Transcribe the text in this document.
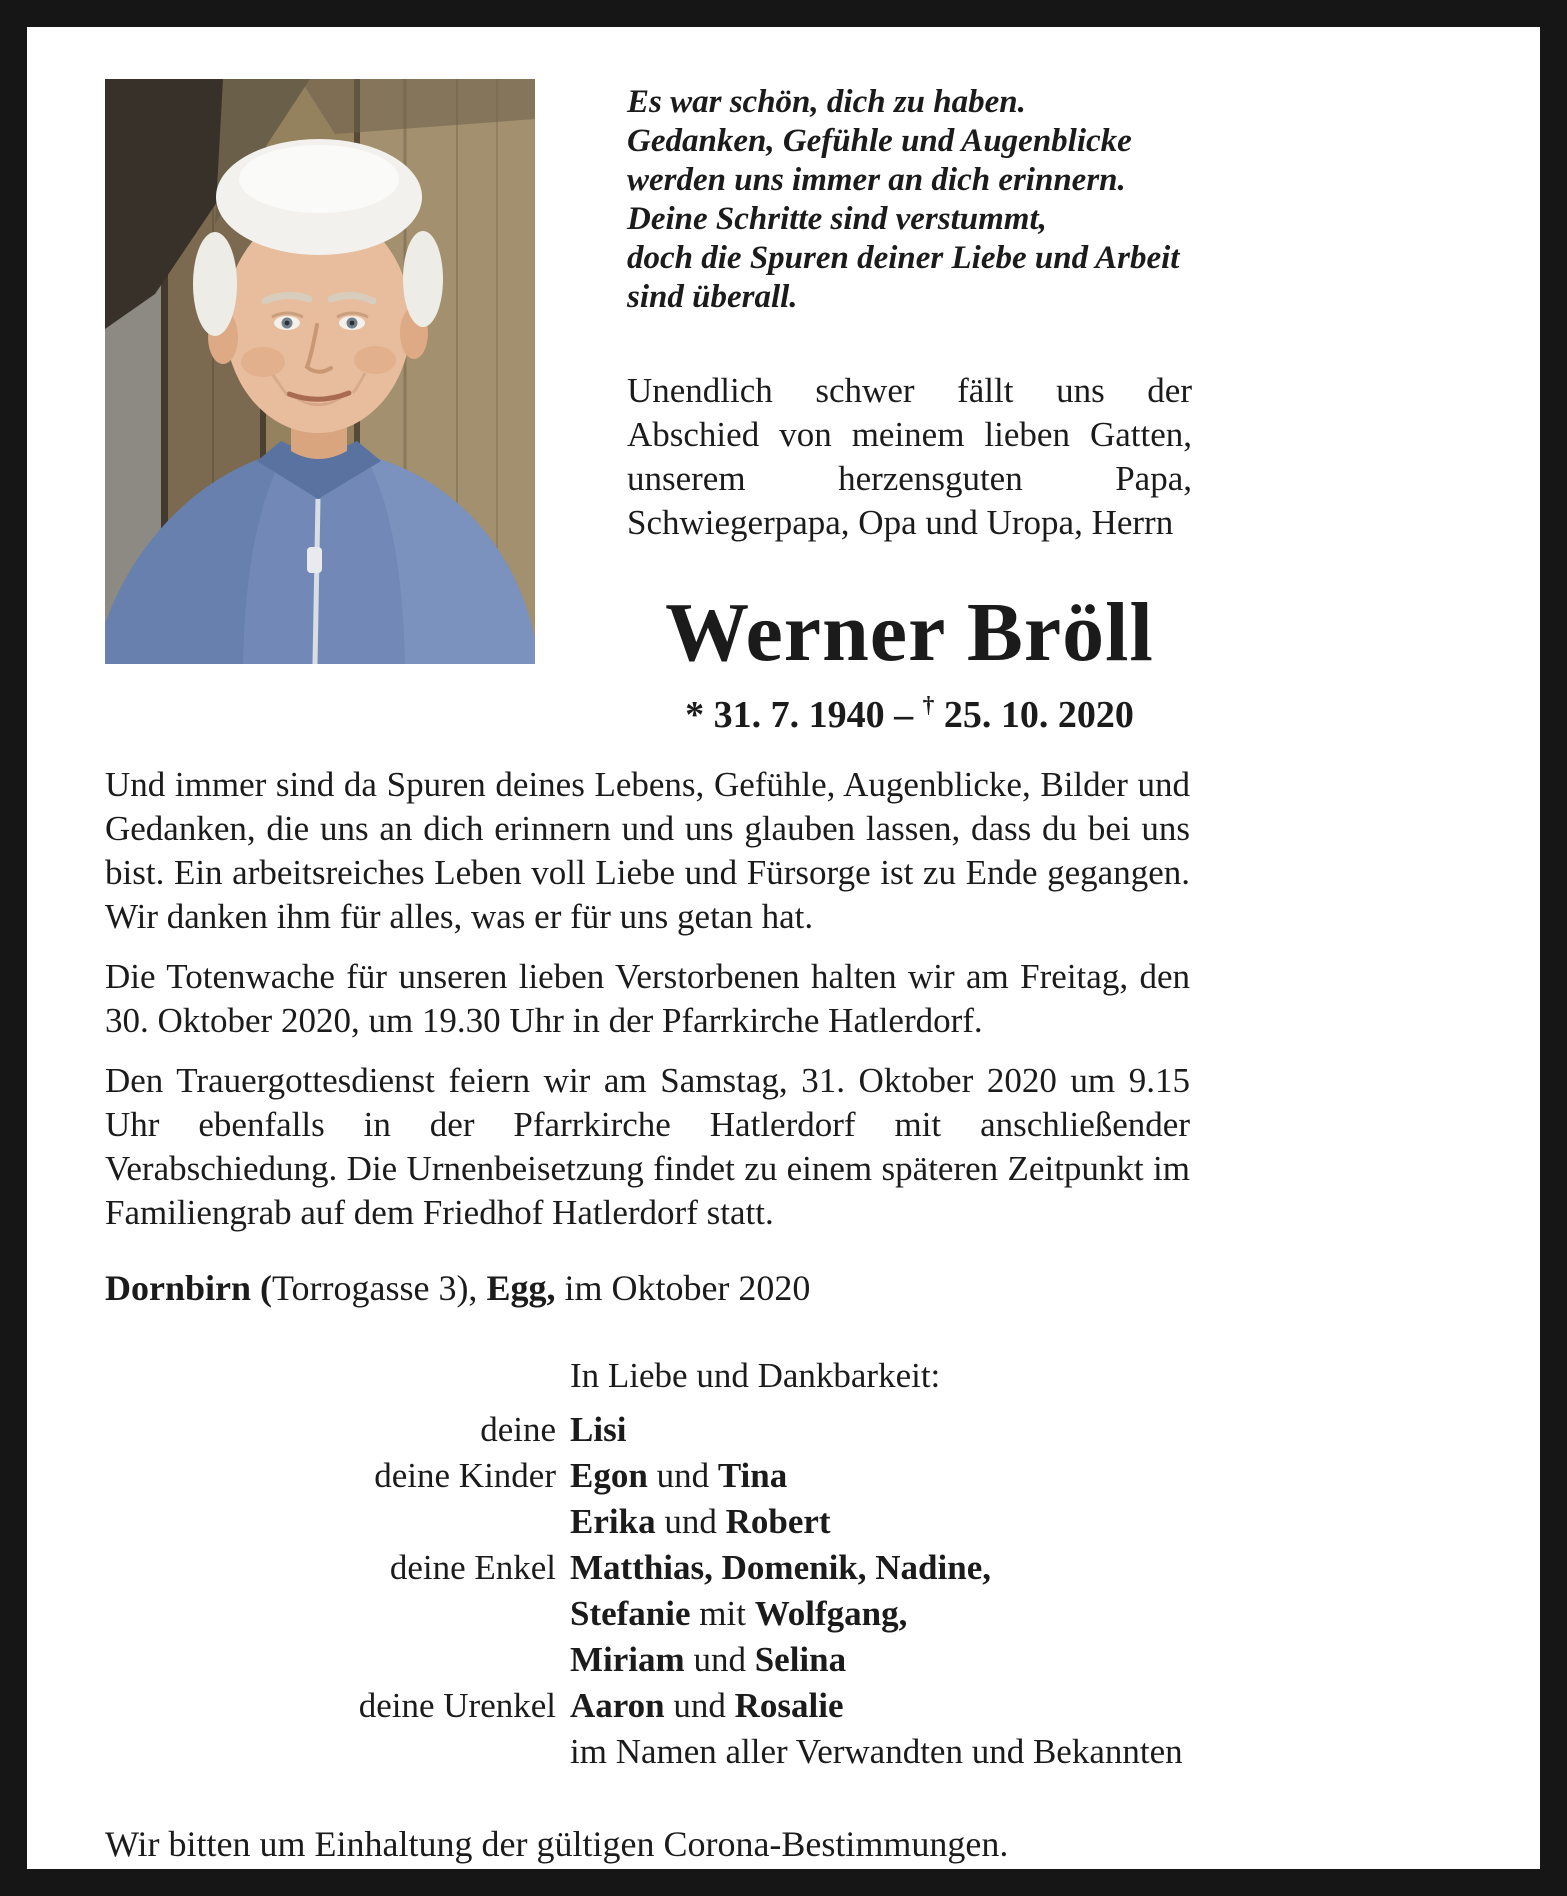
Es war schön, dich zu haben.
Gedanken, Gefühle und Augenblicke
werden uns immer an dich erinnern.
Deine Schritte sind verstummt,
doch die Spuren deiner Liebe und Arbeit
sind überall.
Unendlich schwer fällt uns der Abschied von meinem lieben Gatten, unserem herzensguten Papa, Schwiegerpapa, Opa und Uropa, Herrn
Werner Bröll
* 31. 7. 1940 – † 25. 10. 2020

Und immer sind da Spuren deines Lebens, Gefühle, Augenblicke, Bilder und Gedanken, die uns an dich erinnern und uns glauben lassen, dass du bei uns bist. Ein arbeitsreiches Leben voll Liebe und Fürsorge ist zu Ende gegangen. Wir danken ihm für alles, was er für uns getan hat.

Die Totenwache für unseren lieben Verstorbenen halten wir am Freitag, den 30. Oktober 2020, um 19.30 Uhr in der Pfarrkirche Hatlerdorf.

Den Trauergottesdienst feiern wir am Samstag, 31. Oktober 2020 um 9.15 Uhr ebenfalls in der Pfarrkirche Hatlerdorf mit anschließender Verabschiedung. Die Urnenbeisetzung findet zu einem späteren Zeitpunkt im Familiengrab auf dem Friedhof Hatlerdorf statt.

Dornbirn (Torrogasse 3), Egg, im Oktober 2020

In Liebe und Dankbarkeit:
deine Lisi
deine Kinder Egon und Tina
Erika und Robert
deine Enkel Matthias, Domenik, Nadine,
Stefanie mit Wolfgang,
Miriam und Selina
deine Urenkel Aaron und Rosalie
im Namen aller Verwandten und Bekannten

Wir bitten um Einhaltung der gültigen Corona-Bestimmungen.
